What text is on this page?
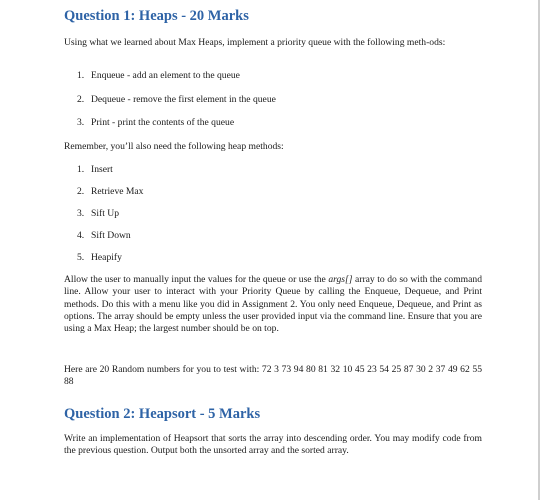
Question 1: Heaps - 20 Marks

Using what we learned about Max Heaps, implement a priority queue with the following meth-ods:

1. Enqueue - add an element to the queue
2. Dequeue - remove the first element in the queue
3. Print - print the contents of the queue

Remember, you’ll also need the following heap methods:

1. Insert
2. Retrieve Max
3. Sift Up
4. Sift Down
5. Heapify

Allow the user to manually input the values for the queue or use the args[] array to do so with the command line. Allow your user to interact with your Priority Queue by calling the Enqueue, Dequeue, and Print methods. Do this with a menu like you did in Assignment 2. You only need Enqueue, Dequeue, and Print as options. The array should be empty unless the user provided input via the command line. Ensure that you are using a Max Heap; the largest number should be on top.

Here are 20 Random numbers for you to test with: 72 3 73 94 80 81 32 10 45 23 54 25 87 30 2 37 49 62 55 88

Question 2: Heapsort - 5 Marks

Write an implementation of Heapsort that sorts the array into descending order. You may modify code from the previous question. Output both the unsorted array and the sorted array.
